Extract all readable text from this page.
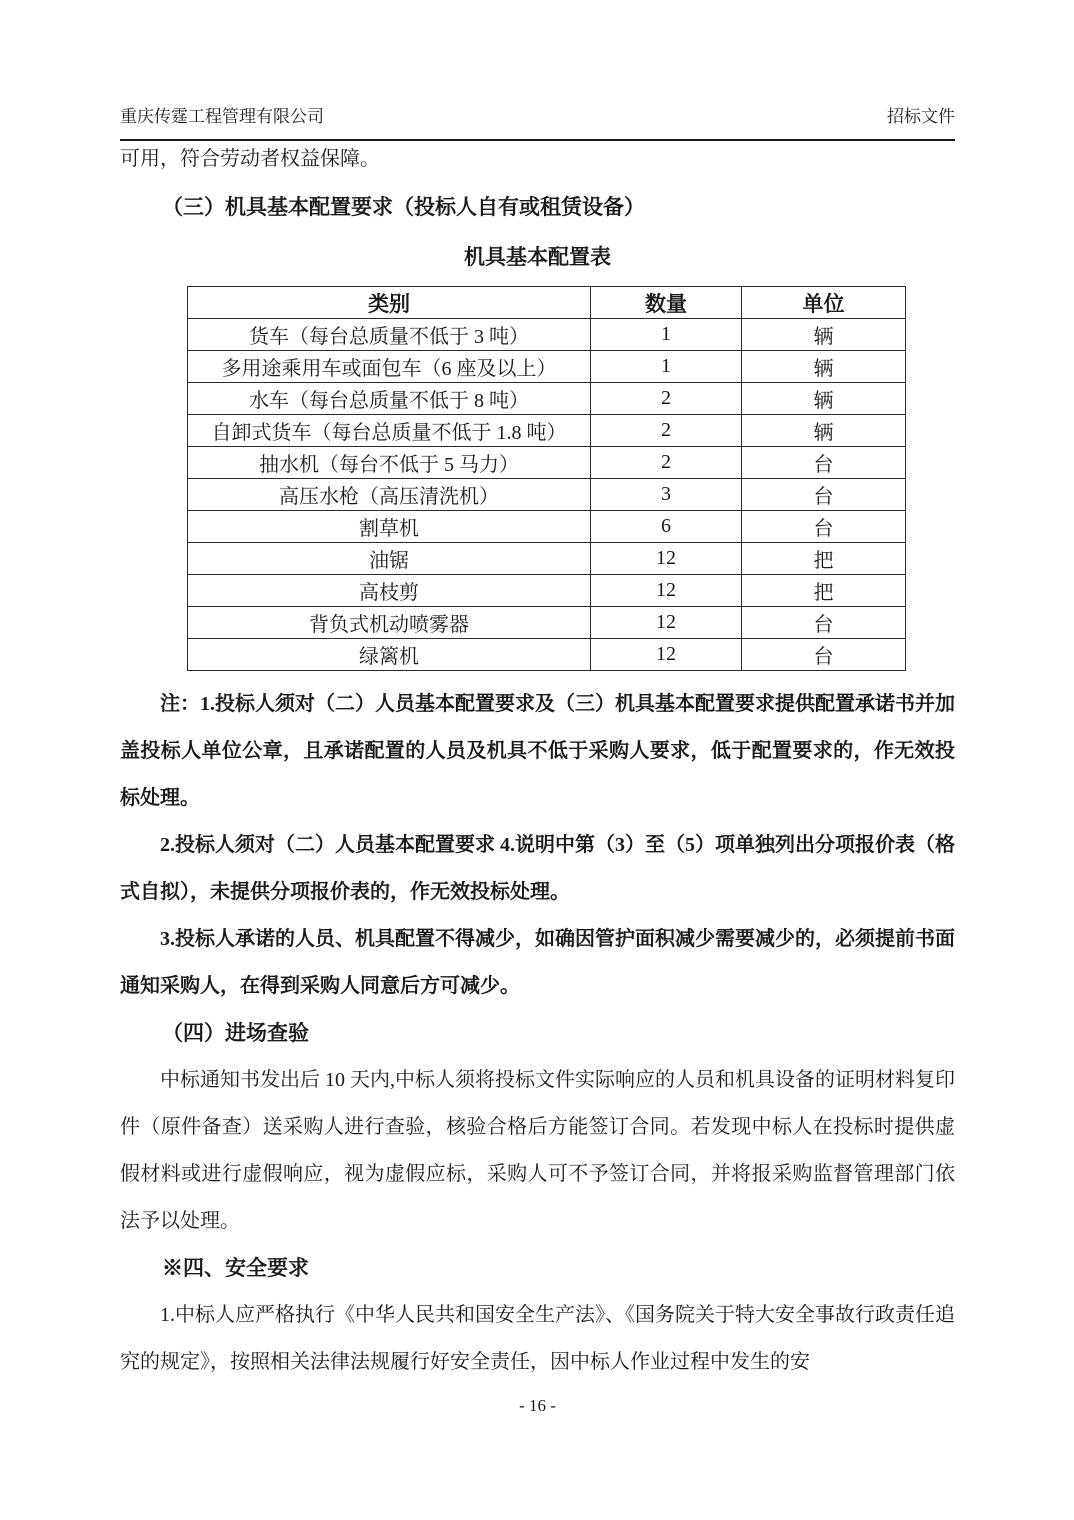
重庆传霆工程管理有限公司	招标文件

可用，符合劳动者权益保障。

（三）机具基本配置要求（投标人自有或租赁设备）
机具基本配置表
类别	数量	单位
货车（每台总质量不低于 3 吨）	1	辆
多用途乘用车或面包车（6 座及以上）	1	辆
水车（每台总质量不低于 8 吨）	2	辆
自卸式货车（每台总质量不低于 1.8 吨）	2	辆
抽水机（每台不低于 5 马力）	2	台
高压水枪（高压清洗机）	3	台
割草机	6	台
油锯	12	把
高枝剪	12	把
背负式机动喷雾器	12	台
绿篱机	12	台

注：1.投标人须对（二）人员基本配置要求及（三）机具基本配置要求提供配置承诺书并加盖投标人单位公章，且承诺配置的人员及机具不低于采购人要求，低于配置要求的，作无效投标处理。

2.投标人须对（二）人员基本配置要求 4.说明中第（3）至（5）项单独列出分项报价表（格式自拟），未提供分项报价表的，作无效投标处理。

3.投标人承诺的人员、机具配置不得减少，如确因管护面积减少需要减少的，必须提前书面通知采购人，在得到采购人同意后方可减少。

（四）进场查验

中标通知书发出后 10 天内,中标人须将投标文件实际响应的人员和机具设备的证明材料复印件（原件备查）送采购人进行查验，核验合格后方能签订合同。若发现中标人在投标时提供虚假材料或进行虚假响应，视为虚假应标，采购人可不予签订合同，并将报采购监督管理部门依法予以处理。

※四、安全要求

1.中标人应严格执行《中华人民共和国安全生产法》、《国务院关于特大安全事故行政责任追究的规定》，按照相关法律法规履行好安全责任，因中标人作业过程中发生的安

- 16 -
